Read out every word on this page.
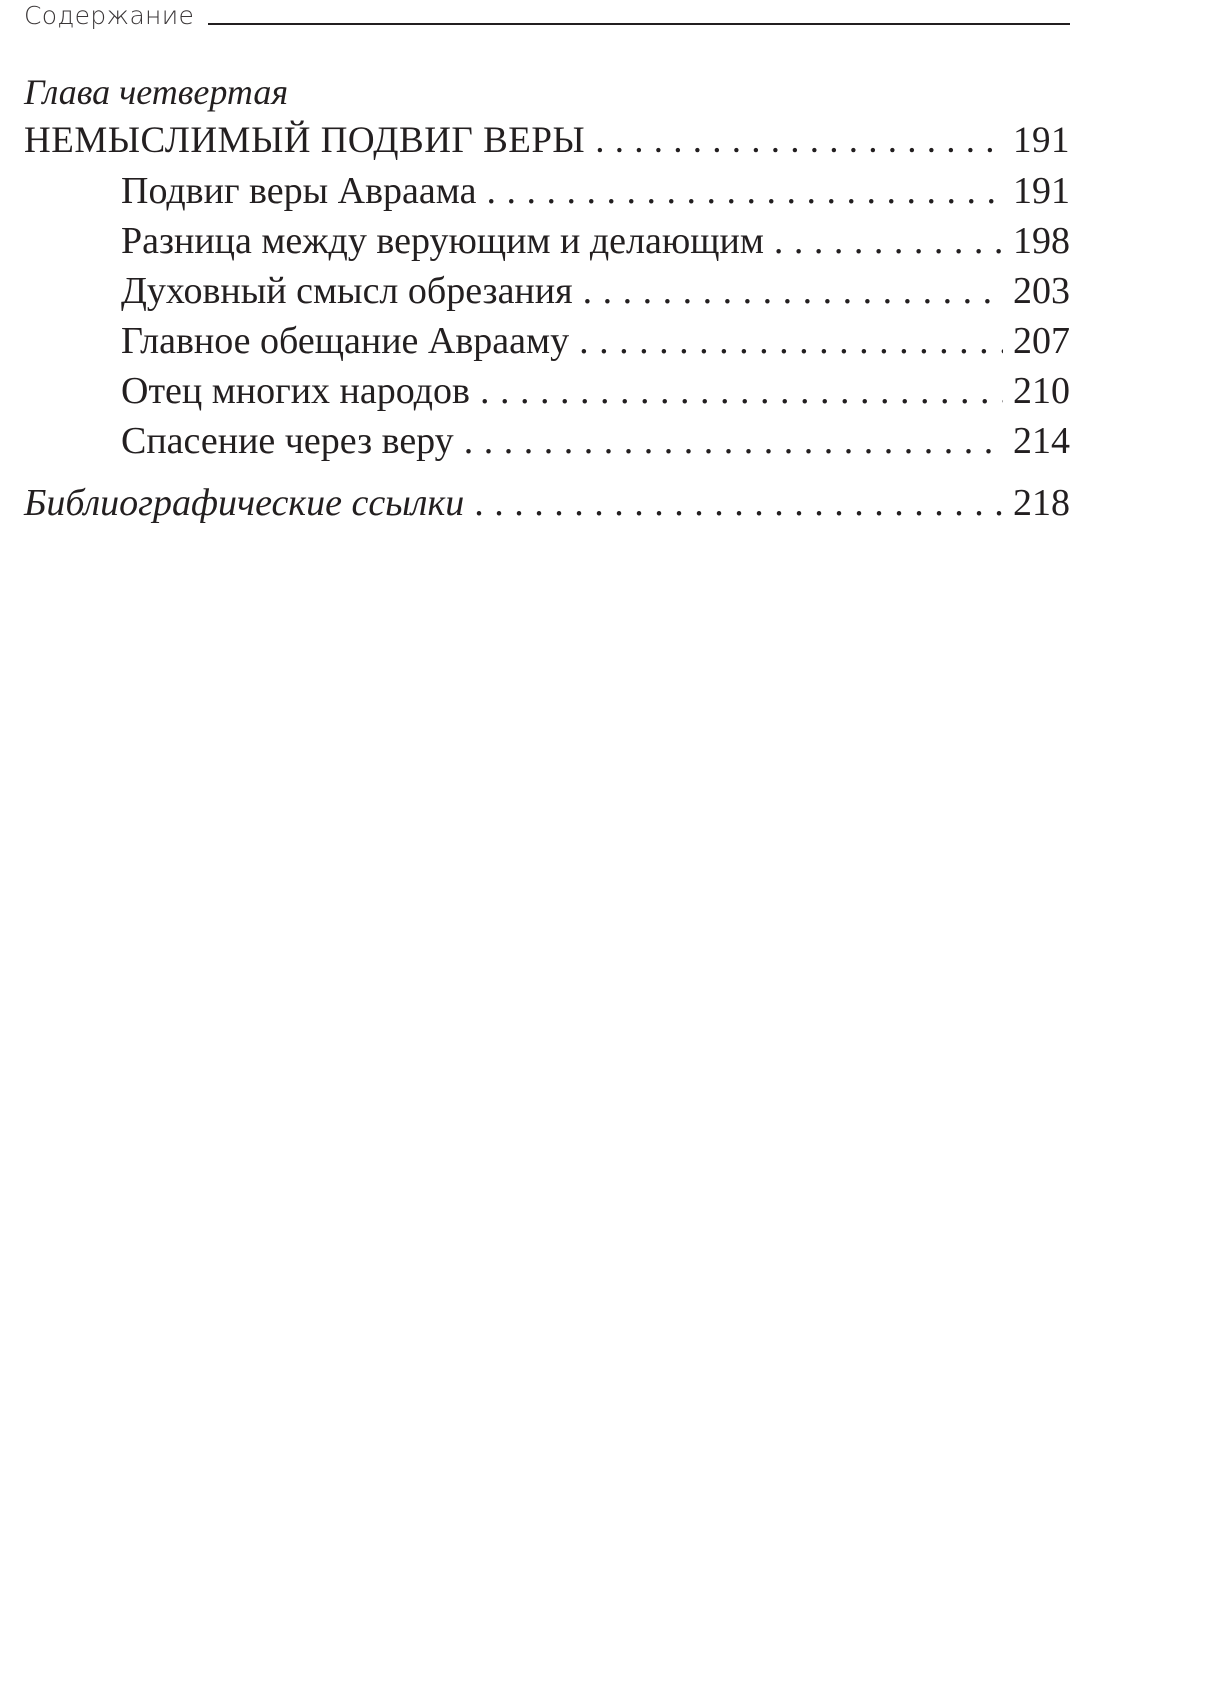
Содержание
Глава четвертая
НЕМЫСЛИМЫЙ ПОДВИГ ВЕРЫ . . .	191
Подвиг веры Авраама . . .	191
Разница между верующим и делающим . . .	198
Духовный смысл обрезания . . .	203
Главное обещание Аврааму . . .	207
Отец многих народов . . .	210
Спасение через веру . . .	214
Библиографические ссылки . . .	218
